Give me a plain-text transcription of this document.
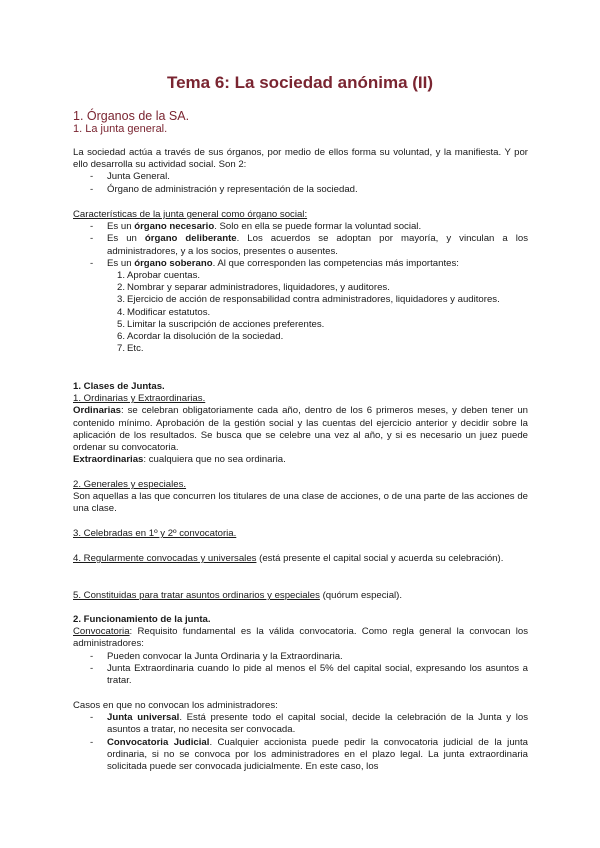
Tema 6: La sociedad anónima (II)
1. Órganos de la SA.
1. La junta general.
La sociedad actúa a través de sus órganos, por medio de ellos forma su voluntad, y la manifiesta. Y por ello desarrolla su actividad social. Son 2:
- Junta General.
- Órgano de administración y representación de la sociedad.
Características de la junta general como órgano social:
- Es un órgano necesario. Solo en ella se puede formar la voluntad social.
- Es un órgano deliberante. Los acuerdos se adoptan por mayoría, y vinculan a los administradores, y a los socios, presentes o ausentes.
- Es un órgano soberano. Al que corresponden las competencias más importantes:
1. Aprobar cuentas.
2. Nombrar y separar administradores, liquidadores, y auditores.
3. Ejercicio de acción de responsabilidad contra administradores, liquidadores y auditores.
4. Modificar estatutos.
5. Limitar la suscripción de acciones preferentes.
6. Acordar la disolución de la sociedad.
7. Etc.
1. Clases de Juntas.
1. Ordinarias y Extraordinarias.
Ordinarias: se celebran obligatoriamente cada año, dentro de los 6 primeros meses, y deben tener un contenido mínimo. Aprobación de la gestión social y las cuentas del ejercicio anterior y decidir sobre la aplicación de los resultados. Se busca que se celebre una vez al año, y si es necesario un juez puede ordenar su convocatoria.
Extraordinarias: cualquiera que no sea ordinaria.
2. Generales y especiales.
Son aquellas a las que concurren los titulares de una clase de acciones, o de una parte de las acciones de una clase.
3. Celebradas en 1º y 2º convocatoria.
4. Regularmente convocadas y universales (está presente el capital social y acuerda su celebración).
5. Constituidas para tratar asuntos ordinarios y especiales (quórum especial).
2. Funcionamiento de la junta.
Convocatoria: Requisito fundamental es la válida convocatoria. Como regla general la convocan los administradores:
- Pueden convocar la Junta Ordinaria y la Extraordinaria.
- Junta Extraordinaria cuando lo pide al menos el 5% del capital social, expresando los asuntos a tratar.
Casos en que no convocan los administradores:
- Junta universal. Está presente todo el capital social, decide la celebración de la Junta y los asuntos a tratar, no necesita ser convocada.
- Convocatoria Judicial. Cualquier accionista puede pedir la convocatoria judicial de la junta ordinaria, si no se convoca por los administradores en el plazo legal. La junta extraordinaria solicitada puede ser convocada judicialmente. En este caso, los
